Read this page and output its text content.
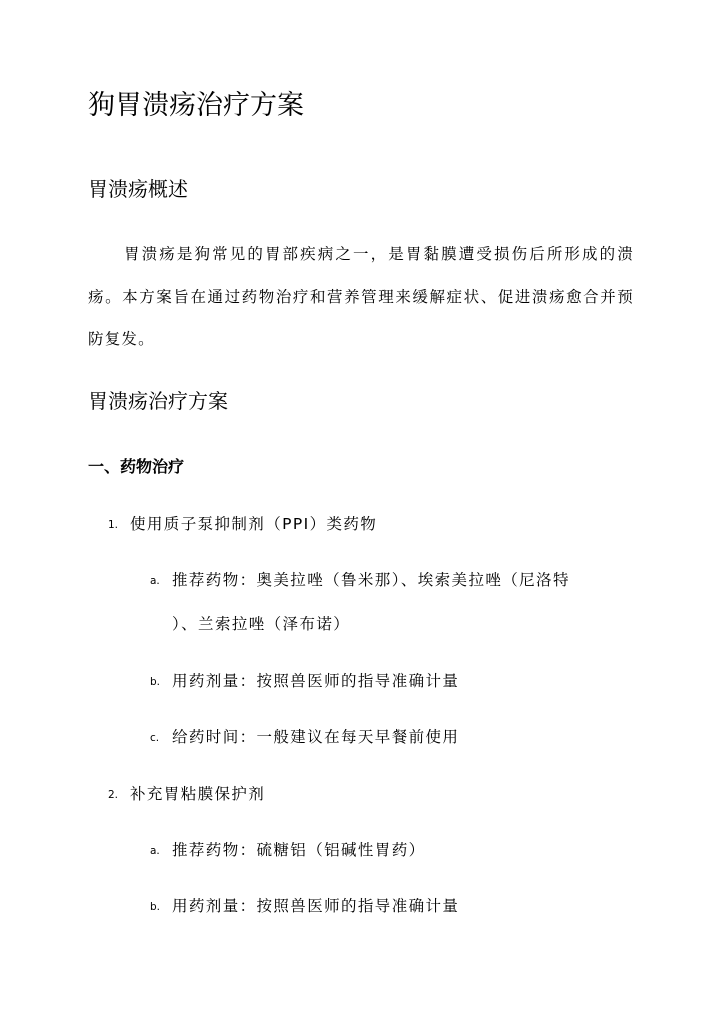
狗胃溃疡治疗方案
胃溃疡概述

胃溃疡是狗常见的胃部疾病之一，是胃黏膜遭受损伤后所形成的溃疡。本方案旨在通过药物治疗和营养管理来缓解症状、促进溃疡愈合并预防复发。

胃溃疡治疗方案
一、药物治疗
1. 使用质子泵抑制剂（PPI）类药物
a. 推荐药物：奥美拉唑（鲁米那）、埃索美拉唑（尼洛特
）、兰索拉唑（泽布诺）
b. 用药剂量：按照兽医师的指导准确计量
c. 给药时间：一般建议在每天早餐前使用
2. 补充胃粘膜保护剂
a. 推荐药物：硫糖铝（铝碱性胃药）
b. 用药剂量：按照兽医师的指导准确计量
